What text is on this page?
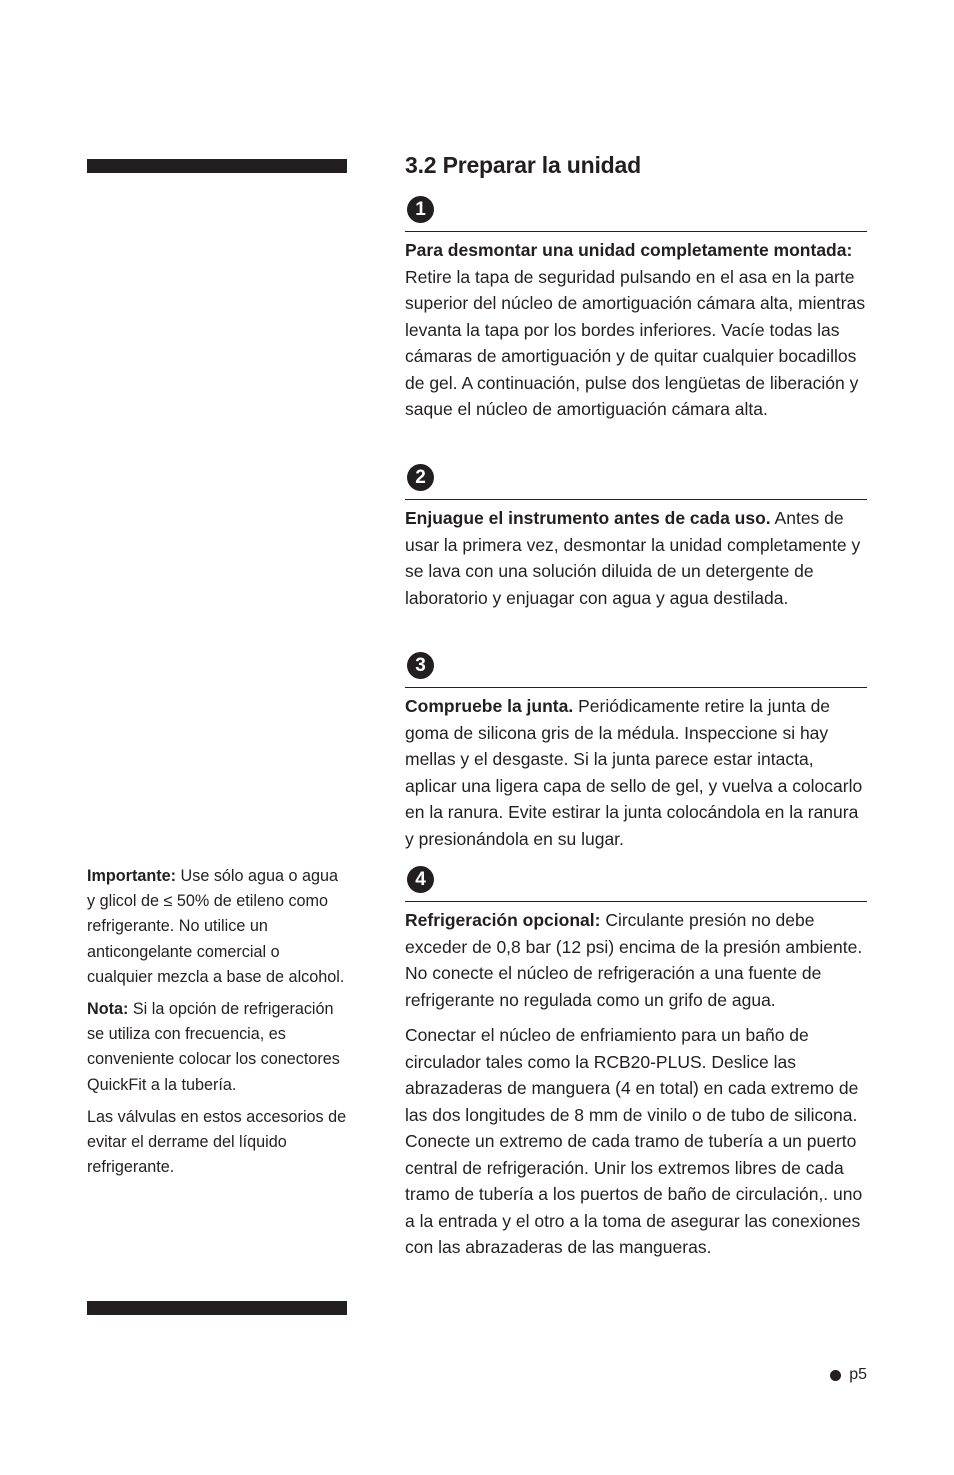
3.2 Preparar la unidad
1

Para desmontar una unidad completamente montada:
Retire la tapa de seguridad pulsando en el asa en la parte superior del núcleo de amortiguación cámara alta, mientras levanta la tapa por los bordes inferiores. Vacíe todas las cámaras de amortiguación y de quitar cualquier bocadillos de gel. A continuación, pulse dos lengüetas de liberación y saque el núcleo de amortiguación cámara alta.

2

Enjuague el instrumento antes de cada uso. Antes de usar la primera vez, desmontar la unidad completamente y se lava con una solución diluida de un detergente de laboratorio y enjuagar con agua y agua destilada.

3

Compruebe la junta. Periódicamente retire la junta de goma de silicona gris de la médula. Inspeccione si hay mellas y el desgaste. Si la junta parece estar intacta, aplicar una ligera capa de sello de gel, y vuelva a colocarlo en la ranura. Evite estirar la junta colocándola en la ranura y presionándola en su lugar.

4

Refrigeración opcional: Circulante presión no debe exceder de 0,8 bar (12 psi) encima de la presión ambiente. No conecte el núcleo de refrigeración a una fuente de refrigerante no regulada como un grifo de agua.

Conectar el núcleo de enfriamiento para un baño de circulador tales como la RCB20-PLUS. Deslice las abrazaderas de manguera (4 en total) en cada extremo de las dos longitudes de 8 mm de vinilo o de tubo de silicona. Conecte un extremo de cada tramo de tubería a un puerto central de refrigeración. Unir los extremos libres de cada tramo de tubería a los puertos de baño de circulación,. uno a la entrada y el otro a la toma de asegurar las conexiones con las abrazaderas de las mangueras.

Importante: Use sólo agua o agua y glicol de ≤ 50% de etileno como refrigerante. No utilice un anticongelante comercial o cualquier mezcla a base de alcohol.

Nota: Si la opción de refrigeración se utiliza con frecuencia, es conveniente colocar los conectores QuickFit a la tubería.

Las válvulas en estos accesorios de evitar el derrame del líquido refrigerante.

p5
